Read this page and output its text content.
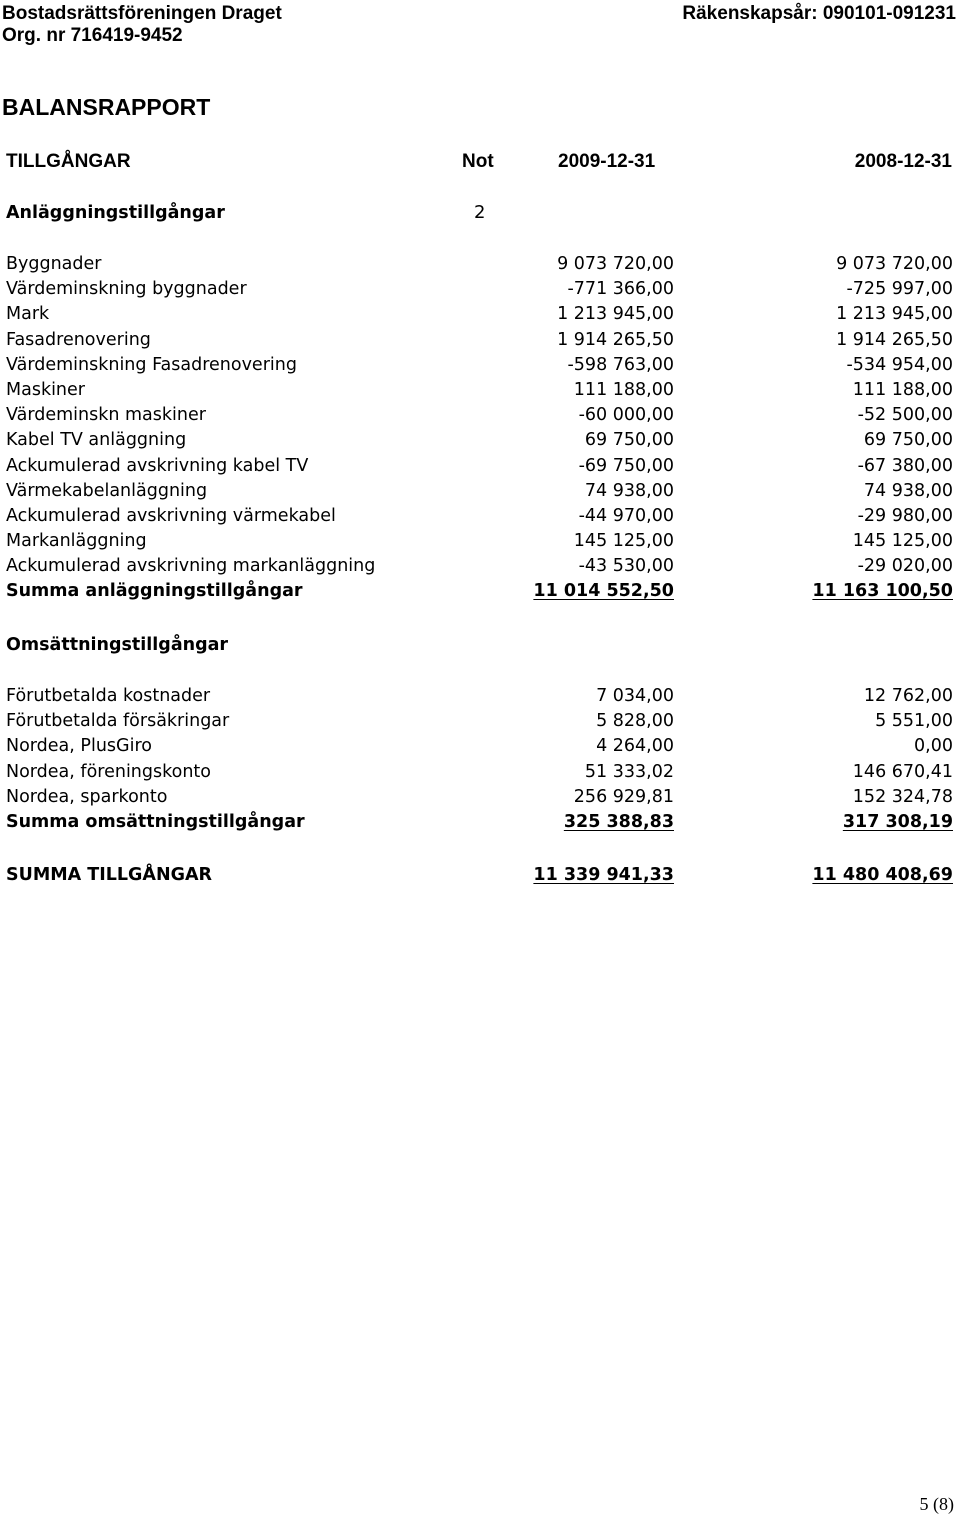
Bostadsrättsföreningen Draget	Räkenskapsår: 090101-091231
Org. nr 716419-9452
BALANSRAPPORT
TILLGÅNGAR	Not	2009-12-31	2008-12-31
Anläggningstillgångar	2
Byggnader	9 073 720,00	9 073 720,00
Värdeminskning byggnader	-771 366,00	-725 997,00
Mark	1 213 945,00	1 213 945,00
Fasadrenovering	1 914 265,50	1 914 265,50
Värdeminskning Fasadrenovering	-598 763,00	-534 954,00
Maskiner	111 188,00	111 188,00
Värdeminskn maskiner	-60 000,00	-52 500,00
Kabel TV anläggning	69 750,00	69 750,00
Ackumulerad avskrivning kabel TV	-69 750,00	-67 380,00
Värmekabelanläggning	74 938,00	74 938,00
Ackumulerad avskrivning värmekabel	-44 970,00	-29 980,00
Markanläggning	145 125,00	145 125,00
Ackumulerad avskrivning markanläggning	-43 530,00	-29 020,00
Summa anläggningstillgångar	11 014 552,50	11 163 100,50
Omsättningstillgångar
Förutbetalda kostnader	7 034,00	12 762,00
Förutbetalda försäkringar	5 828,00	5 551,00
Nordea, PlusGiro	4 264,00	0,00
Nordea, föreningskonto	51 333,02	146 670,41
Nordea, sparkonto	256 929,81	152 324,78
Summa omsättningstillgångar	325 388,83	317 308,19
SUMMA TILLGÅNGAR	11 339 941,33	11 480 408,69
5 (8)
